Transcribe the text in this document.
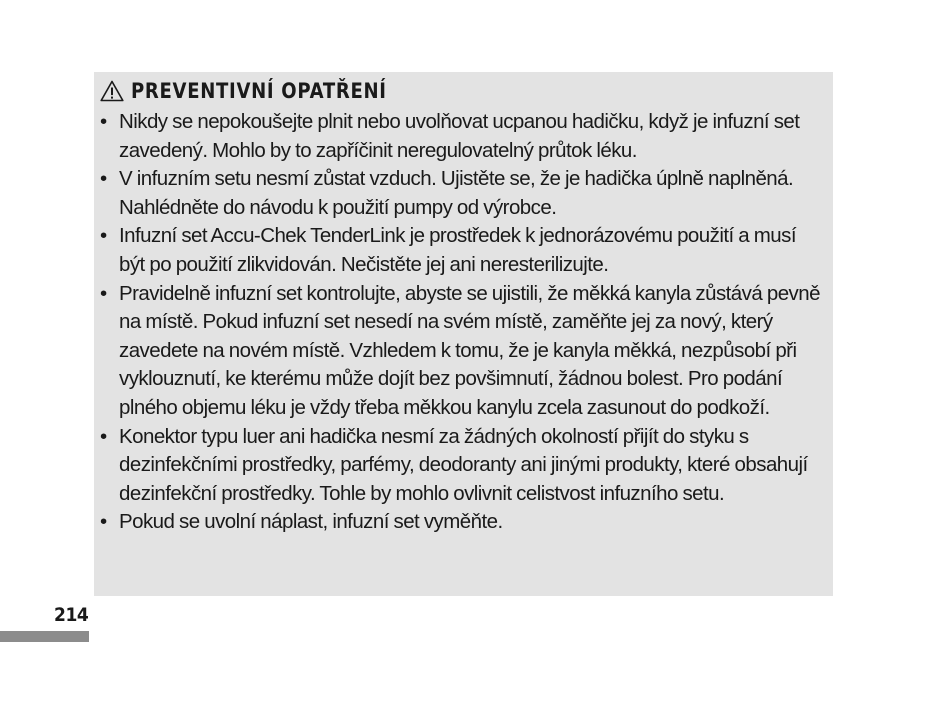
PREVENTIVNÍ OPATŘENÍ
• Nikdy se nepokoušejte plnit nebo uvolňovat ucpanou hadičku, když je infuzní set zavedený. Mohlo by to zapříčinit neregulovatelný průtok léku.
• V infuzním setu nesmí zůstat vzduch. Ujistěte se, že je hadička úplně naplněná. Nahlédněte do návodu k použití pumpy od výrobce.
• Infuzní set Accu-Chek TenderLink je prostředek k jednorázovému použití a musí být po použití zlikvidován. Nečistěte jej ani neresterilizujte.
• Pravidelně infuzní set kontrolujte, abyste se ujistili, že měkká kanyla zůstává pevně na místě. Pokud infuzní set nesedí na svém místě, zaměňte jej za nový, který zavedete na novém místě. Vzhledem k tomu, že je kanyla měkká, nezpůsobí při vyklouznutí, ke kterému může dojít bez povšimnutí, žádnou bolest. Pro podání plného objemu léku je vždy třeba měkkou kanylu zcela zasunout do podkoží.
• Konektor typu luer ani hadička nesmí za žádných okolností přijít do styku s dezinfekčními prostředky, parfémy, deodoranty ani jinými produkty, které obsahují dezinfekční prostředky. Tohle by mohlo ovlivnit celistvost infuzního setu.
• Pokud se uvolní náplast, infuzní set vyměňte.
214
